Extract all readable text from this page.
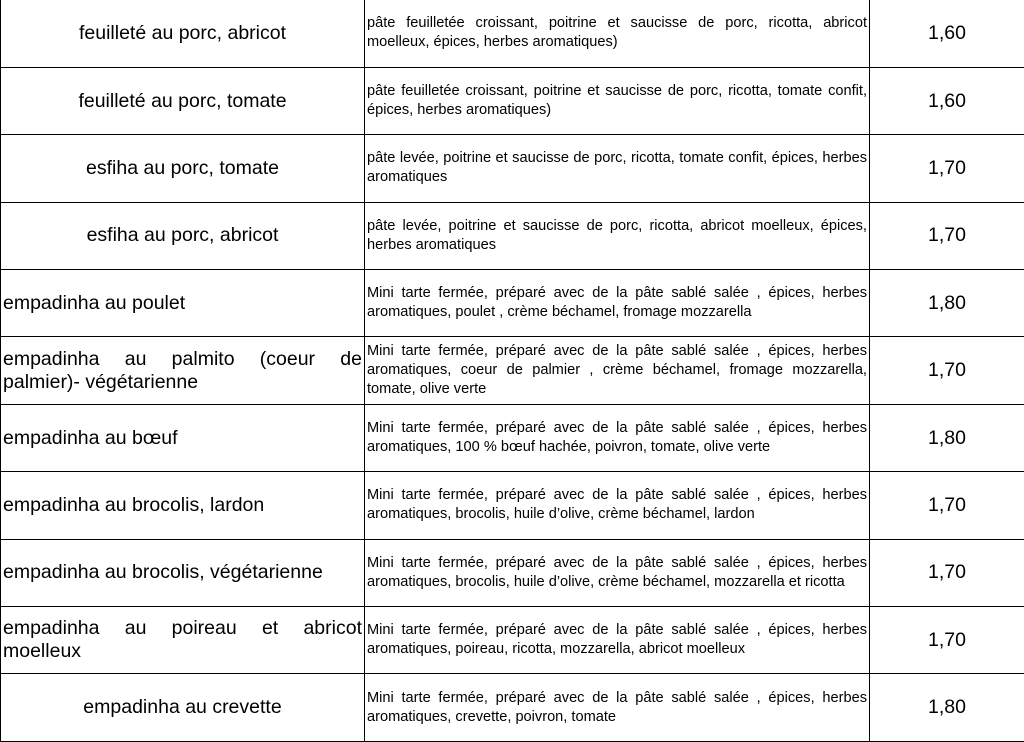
feuilleté au porc, abricot	pâte feuilletée croissant, poitrine et saucisse de porc, ricotta, abricot moelleux, épices, herbes aromatiques)	1,60
feuilleté au porc, tomate	pâte feuilletée croissant, poitrine et saucisse de porc, ricotta, tomate confit, épices, herbes aromatiques)	1,60
esfiha au porc, tomate	pâte levée, poitrine et saucisse de porc, ricotta, tomate confit, épices, herbes aromatiques	1,70
esfiha au porc, abricot	pâte levée, poitrine et saucisse de porc, ricotta, abricot moelleux, épices, herbes aromatiques	1,70
empadinha au poulet	Mini tarte fermée, préparé avec de la pâte sablé salée , épices, herbes aromatiques, poulet , crème béchamel, fromage mozzarella	1,80
empadinha au palmito (coeur de palmier)- végétarienne	Mini tarte fermée, préparé avec de la pâte sablé salée , épices, herbes aromatiques, coeur de palmier , crème béchamel, fromage mozzarella, tomate, olive verte	1,70
empadinha au bœuf	Mini tarte fermée, préparé avec de la pâte sablé salée , épices, herbes aromatiques, 100 % bœuf hachée, poivron, tomate, olive verte	1,80
empadinha au brocolis, lardon	Mini tarte fermée, préparé avec de la pâte sablé salée , épices, herbes aromatiques, brocolis, huile d’olive, crème béchamel, lardon	1,70
empadinha au brocolis, végétarienne	Mini tarte fermée, préparé avec de la pâte sablé salée , épices, herbes aromatiques, brocolis, huile d’olive, crème béchamel, mozzarella et ricotta	1,70
empadinha au poireau et abricot moelleux	Mini tarte fermée, préparé avec de la pâte sablé salée , épices, herbes aromatiques, poireau, ricotta, mozzarella, abricot moelleux	1,70
empadinha au crevette	Mini tarte fermée, préparé avec de la pâte sablé salée , épices, herbes aromatiques, crevette, poivron, tomate	1,80
